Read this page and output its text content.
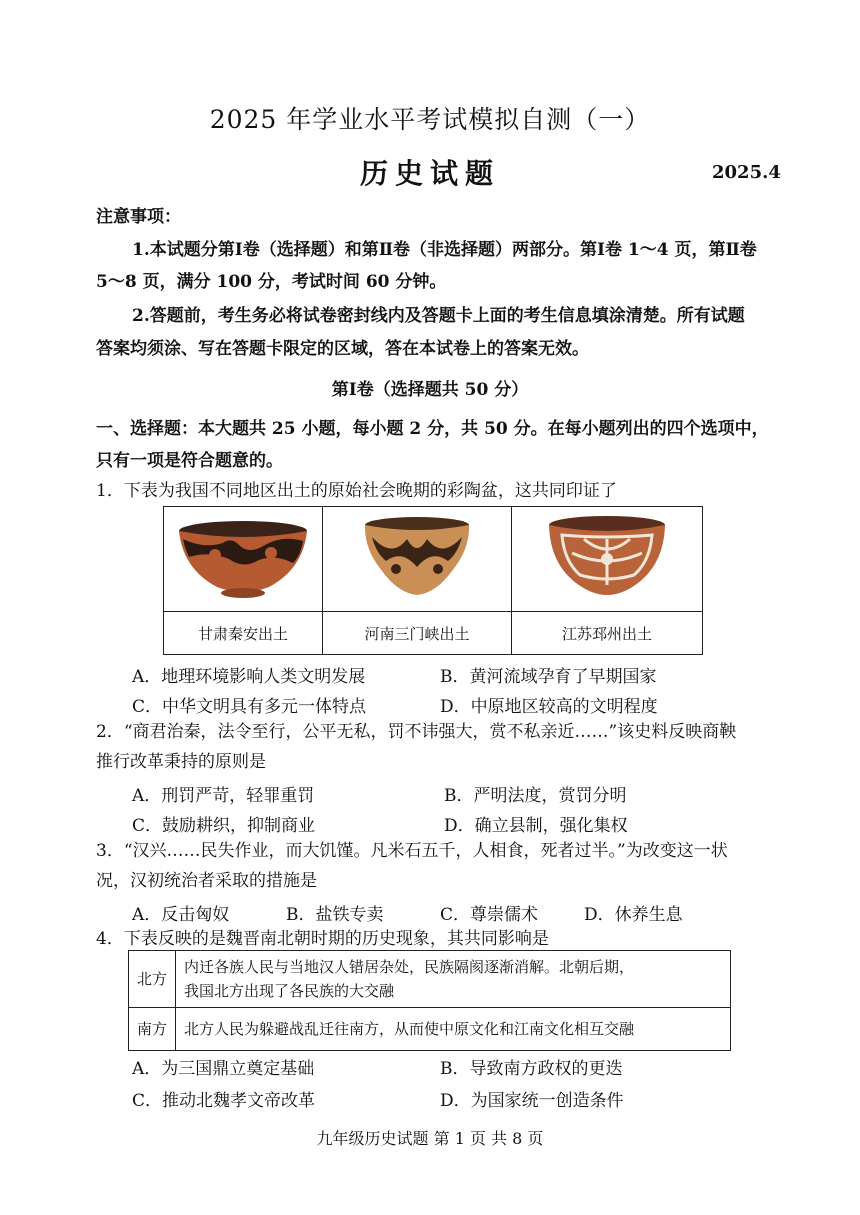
2025 年学业水平考试模拟自测（一）
历史试题	2025.4
注意事项：
1.本试题分第Ⅰ卷（选择题）和第Ⅱ卷（非选择题）两部分。第Ⅰ卷 1～4 页，第Ⅱ卷
5～8 页，满分 100 分，考试时间 60 分钟。
2.答题前，考生务必将试卷密封线内及答题卡上面的考生信息填涂清楚。所有试题
答案均须涂、写在答题卡限定的区域，答在本试卷上的答案无效。
第Ⅰ卷（选择题共 50 分）
一、选择题：本大题共 25 小题，每小题 2 分，共 50 分。在每小题列出的四个选项中，
只有一项是符合题意的。
1．下表为我国不同地区出土的原始社会晚期的彩陶盆，这共同印证了

甘肃秦安出土	河南三门峡出土	江苏邳州出土
A．地理环境影响人类文明发展	B．黄河流域孕育了早期国家
C．中华文明具有多元一体特点	D．中原地区较高的文明程度
2．“商君治秦，法令至行，公平无私，罚不讳强大，赏不私亲近……”该史料反映商鞅
推行改革秉持的原则是
A．刑罚严苛，轻罪重罚	B．严明法度，赏罚分明
C．鼓励耕织，抑制商业	D．确立县制，强化集权
3．“汉兴……民失作业，而大饥馑。凡米石五千，人相食，死者过半。”为改变这一状
况，汉初统治者采取的措施是
A．反击匈奴	B．盐铁专卖	C．尊崇儒术	D．休养生息
4．下表反映的是魏晋南北朝时期的历史现象，其共同影响是
北方	内迁各族人民与当地汉人错居杂处，民族隔阂逐渐消解。北朝后期，
我国北方出现了各民族的大交融

南方	北方人民为躲避战乱迁往南方，从而使中原文化和江南文化相互交融
A．为三国鼎立奠定基础	B．导致南方政权的更迭
C．推动北魏孝文帝改革	D．为国家统一创造条件
九年级历史试题 第 1 页 共 8 页
